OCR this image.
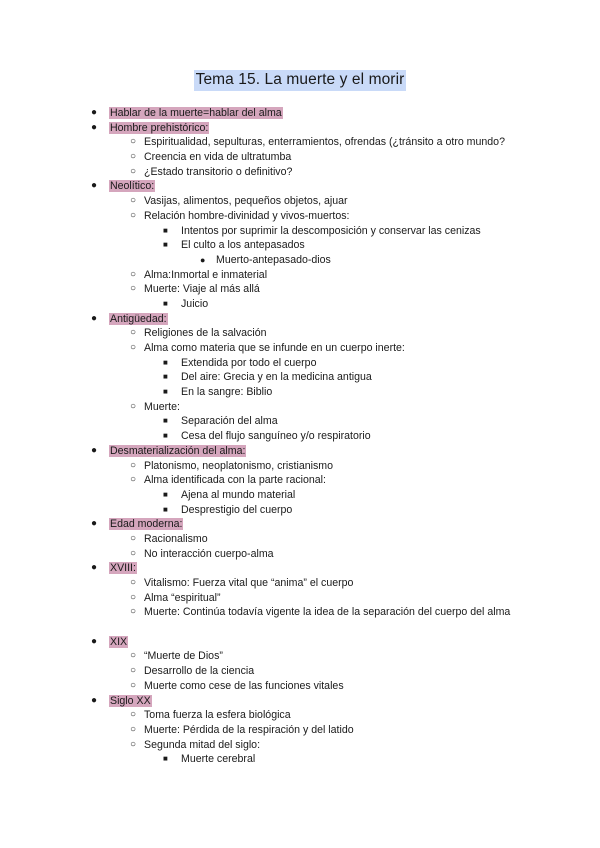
Tema 15. La muerte y el morir
● Hablar de la muerte=hablar del alma
● Hombre prehistórico:
○ Espiritualidad, sepulturas, enterramientos, ofrendas (¿tránsito a otro mundo?
○ Creencia en vida de ultratumba
○ ¿Estado transitorio o definitivo?
● Neolítico:
○ Vasijas, alimentos, pequeños objetos, ajuar
○ Relación hombre-divinidad y vivos-muertos:
■ Intentos por suprimir la descomposición y conservar las cenizas
■ El culto a los antepasados
● Muerto-antepasado-dios
○ Alma:Inmortal e inmaterial
○ Muerte: Viaje al más allá
■ Juicio
● Antigüedad:
○ Religiones de la salvación
○ Alma como materia que se infunde en un cuerpo inerte:
■ Extendida por todo el cuerpo
■ Del aire: Grecia y en la medicina antigua
■ En la sangre: Biblio
○ Muerte:
■ Separación del alma
■ Cesa del flujo sanguíneo y/o respiratorio
● Desmaterialización del alma:
○ Platonismo, neoplatonismo, cristianismo
○ Alma identificada con la parte racional:
■ Ajena al mundo material
■ Desprestigio del cuerpo
● Edad moderna:
○ Racionalismo
○ No interacción cuerpo-alma
● XVIII:
○ Vitalismo: Fuerza vital que “anima” el cuerpo
○ Alma “espiritual”
○ Muerte: Continúa todavía vigente la idea de la separación del cuerpo del alma
● XIX
○ “Muerte de Dios”
○ Desarrollo de la ciencia
○ Muerte como cese de las funciones vitales
● Siglo XX
○ Toma fuerza la esfera biológica
○ Muerte: Pérdida de la respiración y del latido
○ Segunda mitad del siglo:
■ Muerte cerebral
